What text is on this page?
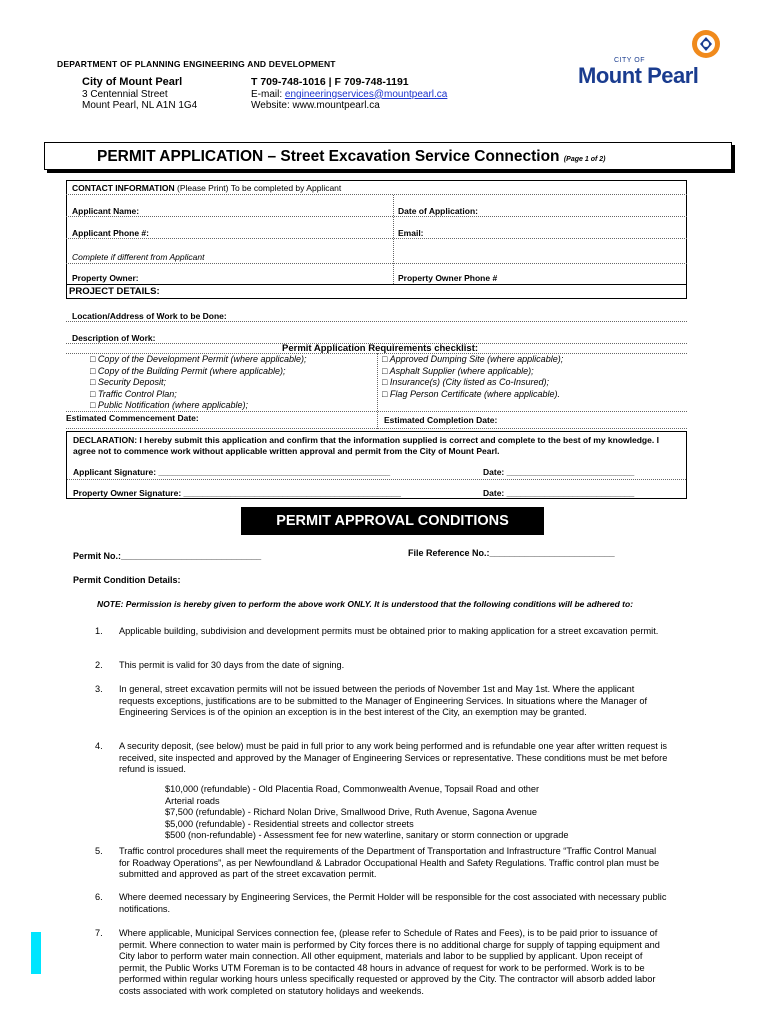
DEPARTMENT OF PLANNING ENGINEERING AND DEVELOPMENT
City of Mount Pearl
3 Centennial Street
Mount Pearl, NL A1N 1G4
T 709-748-1016 | F 709-748-1191
E-mail: engineeringservices@mountpearl.ca
Website: www.mountpearl.ca
CITY OF
Mount Pearl
PERMIT APPLICATION – Street Excavation Service Connection (Page 1 of 2)
CONTACT INFORMATION (Please Print) To be completed by Applicant
Applicant Name:	Date of Application:
Applicant Phone #:	Email:
Complete if different from Applicant
Property Owner:	Property Owner Phone #
PROJECT DETAILS:
Location/Address of Work to be Done:
Description of Work:
Permit Application Requirements checklist:
□ Copy of the Development Permit (where applicable);
□ Copy of the Building Permit (where applicable);
□ Security Deposit;
□ Traffic Control Plan;
□ Public Notification (where applicable);
□ Approved Dumping Site (where applicable);
□ Asphalt Supplier (where applicable);
□ Insurance(s) (City listed as Co-Insured);
□ Flag Person Certificate (where applicable).
Estimated Commencement Date:	Estimated Completion Date:
DECLARATION: I hereby submit this application and confirm that the information supplied is correct and complete to the best of my knowledge. I agree not to commence work without applicable written approval and permit from the City of Mount Pearl.
Applicant Signature: _________________________________________________	Date: ___________________________
Property Owner Signature: ______________________________________________	Date: ___________________________
PERMIT APPROVAL CONDITIONS
Permit No.:____________________________	File Reference No.:_________________________
Permit Condition Details:
NOTE: Permission is hereby given to perform the above work ONLY. It is understood that the following conditions will be adhered to:
1. Applicable building, subdivision and development permits must be obtained prior to making application for a street excavation permit.
2. This permit is valid for 30 days from the date of signing.
3. In general, street excavation permits will not be issued between the periods of November 1st and May 1st. Where the applicant requests exceptions, justifications are to be submitted to the Manager of Engineering Services. In situations where the Manager of Engineering Services is of the opinion an exception is in the best interest of the City, an exemption may be granted.
4. A security deposit, (see below) must be paid in full prior to any work being performed and is refundable one year after written request is received, site inspected and approved by the Manager of Engineering Services or representative. These conditions must be met before refund is issued.
$10,000 (refundable) - Old Placentia Road, Commonwealth Avenue, Topsail Road and other
Arterial roads
$7,500 (refundable) - Richard Nolan Drive, Smallwood Drive, Ruth Avenue, Sagona Avenue
$5,000 (refundable) - Residential streets and collector streets
$500 (non-refundable) - Assessment fee for new waterline, sanitary or storm connection or upgrade
5. Traffic control procedures shall meet the requirements of the Department of Transportation and Infrastructure “Traffic Control Manual for Roadway Operations”, as per Newfoundland & Labrador Occupational Health and Safety Regulations. Traffic control plan must be submitted and approved as part of the street excavation permit.
6. Where deemed necessary by Engineering Services, the Permit Holder will be responsible for the cost associated with necessary public notifications.
7. Where applicable, Municipal Services connection fee, (please refer to Schedule of Rates and Fees), is to be paid prior to issuance of permit. Where connection to water main is performed by City forces there is no additional charge for supply of tapping equipment and City labor to perform water main connection. All other equipment, materials and labor to be supplied by applicant. Upon receipt of permit, the Public Works UTM Foreman is to be contacted 48 hours in advance of request for work to be performed. Work is to be performed within regular working hours unless specifically requested or approved by the City. The contractor will absorb added labor costs associated with work completed on statutory holidays and weekends.
